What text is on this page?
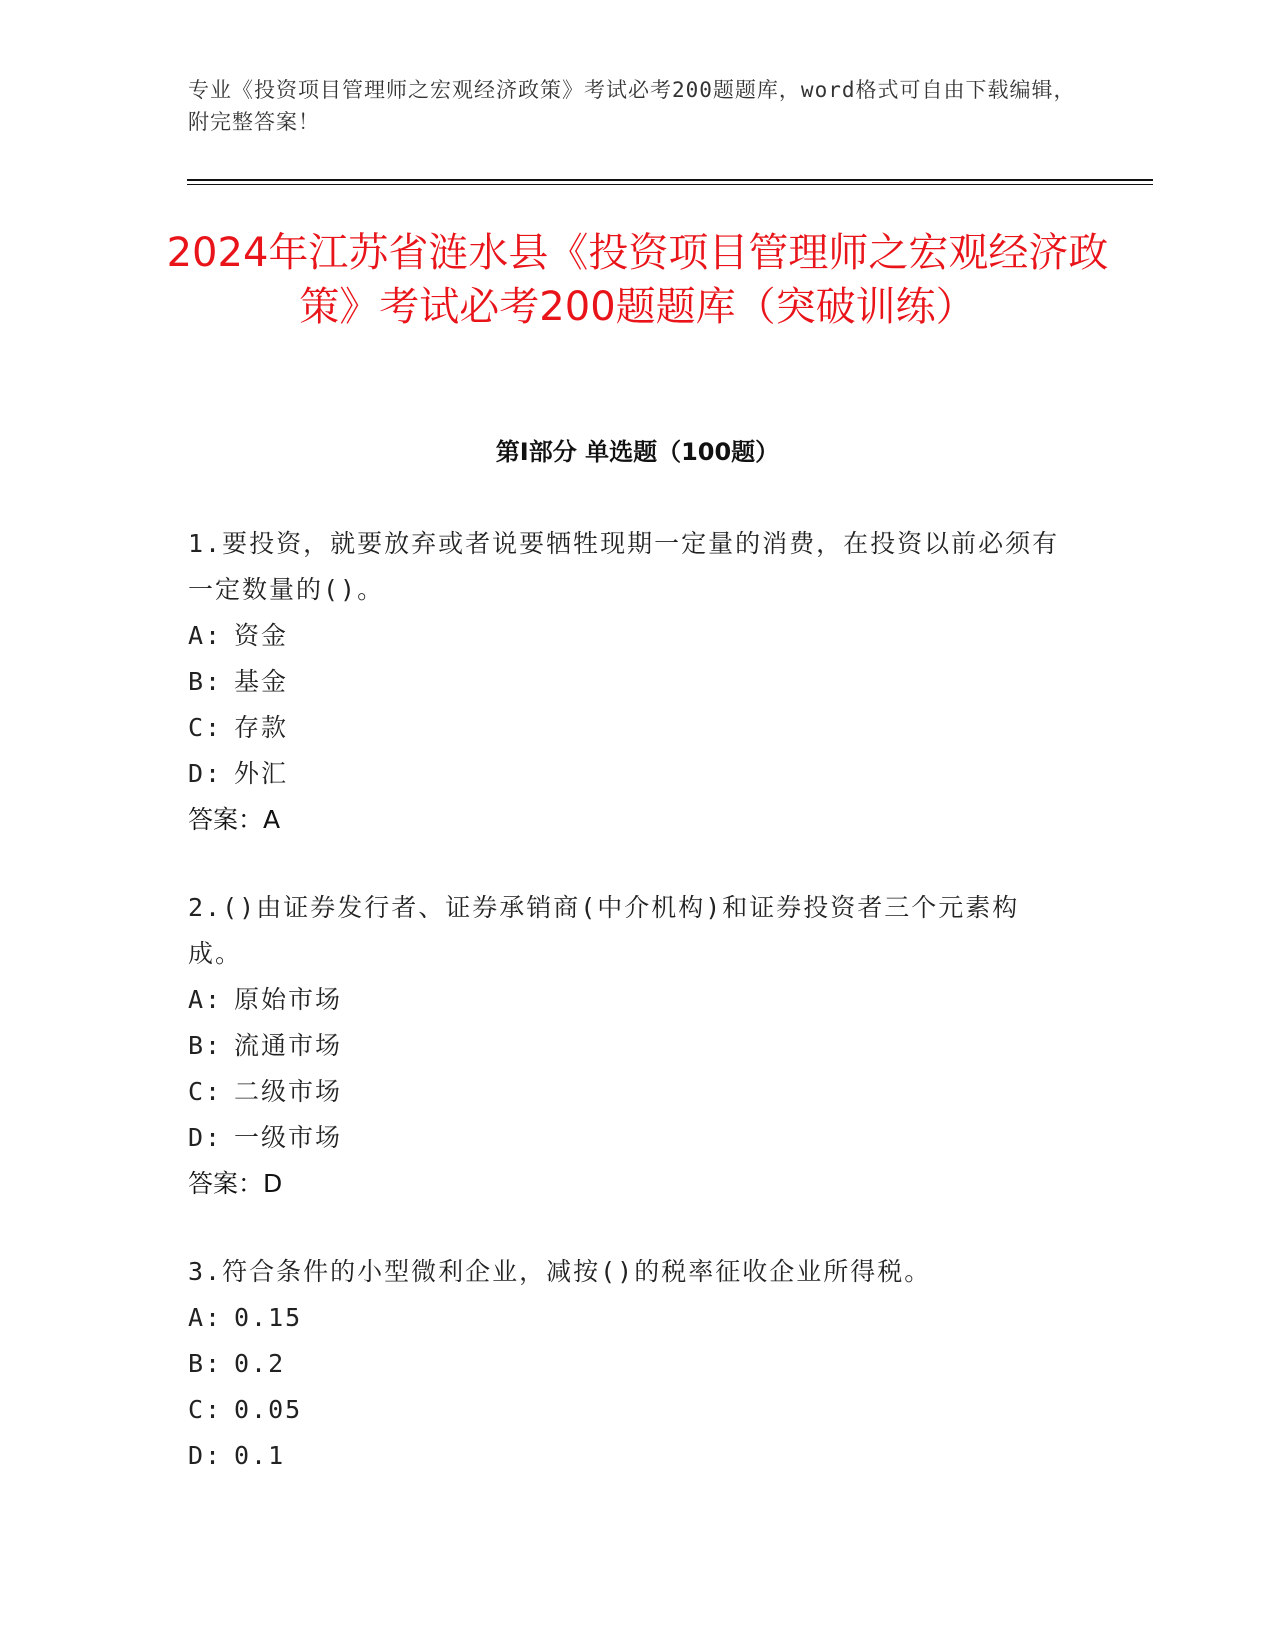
专业《投资项目管理师之宏观经济政策》考试必考200题题库，word格式可自由下载编辑，附完整答案！
2024年江苏省涟水县《投资项目管理师之宏观经济政策》考试必考200题题库（突破训练）
第Ⅰ部分 单选题（100题）

1.要投资，就要放弃或者说要牺牲现期一定量的消费，在投资以前必须有一定数量的()。

A: 资金

B: 基金

C: 存款

D: 外汇

答案：A

2.()由证券发行者、证券承销商(中介机构)和证券投资者三个元素构成。

A: 原始市场

B: 流通市场

C: 二级市场

D: 一级市场

答案：D

3.符合条件的小型微利企业，减按()的税率征收企业所得税。

A: 0.15

B: 0.2

C: 0.05

D: 0.1
